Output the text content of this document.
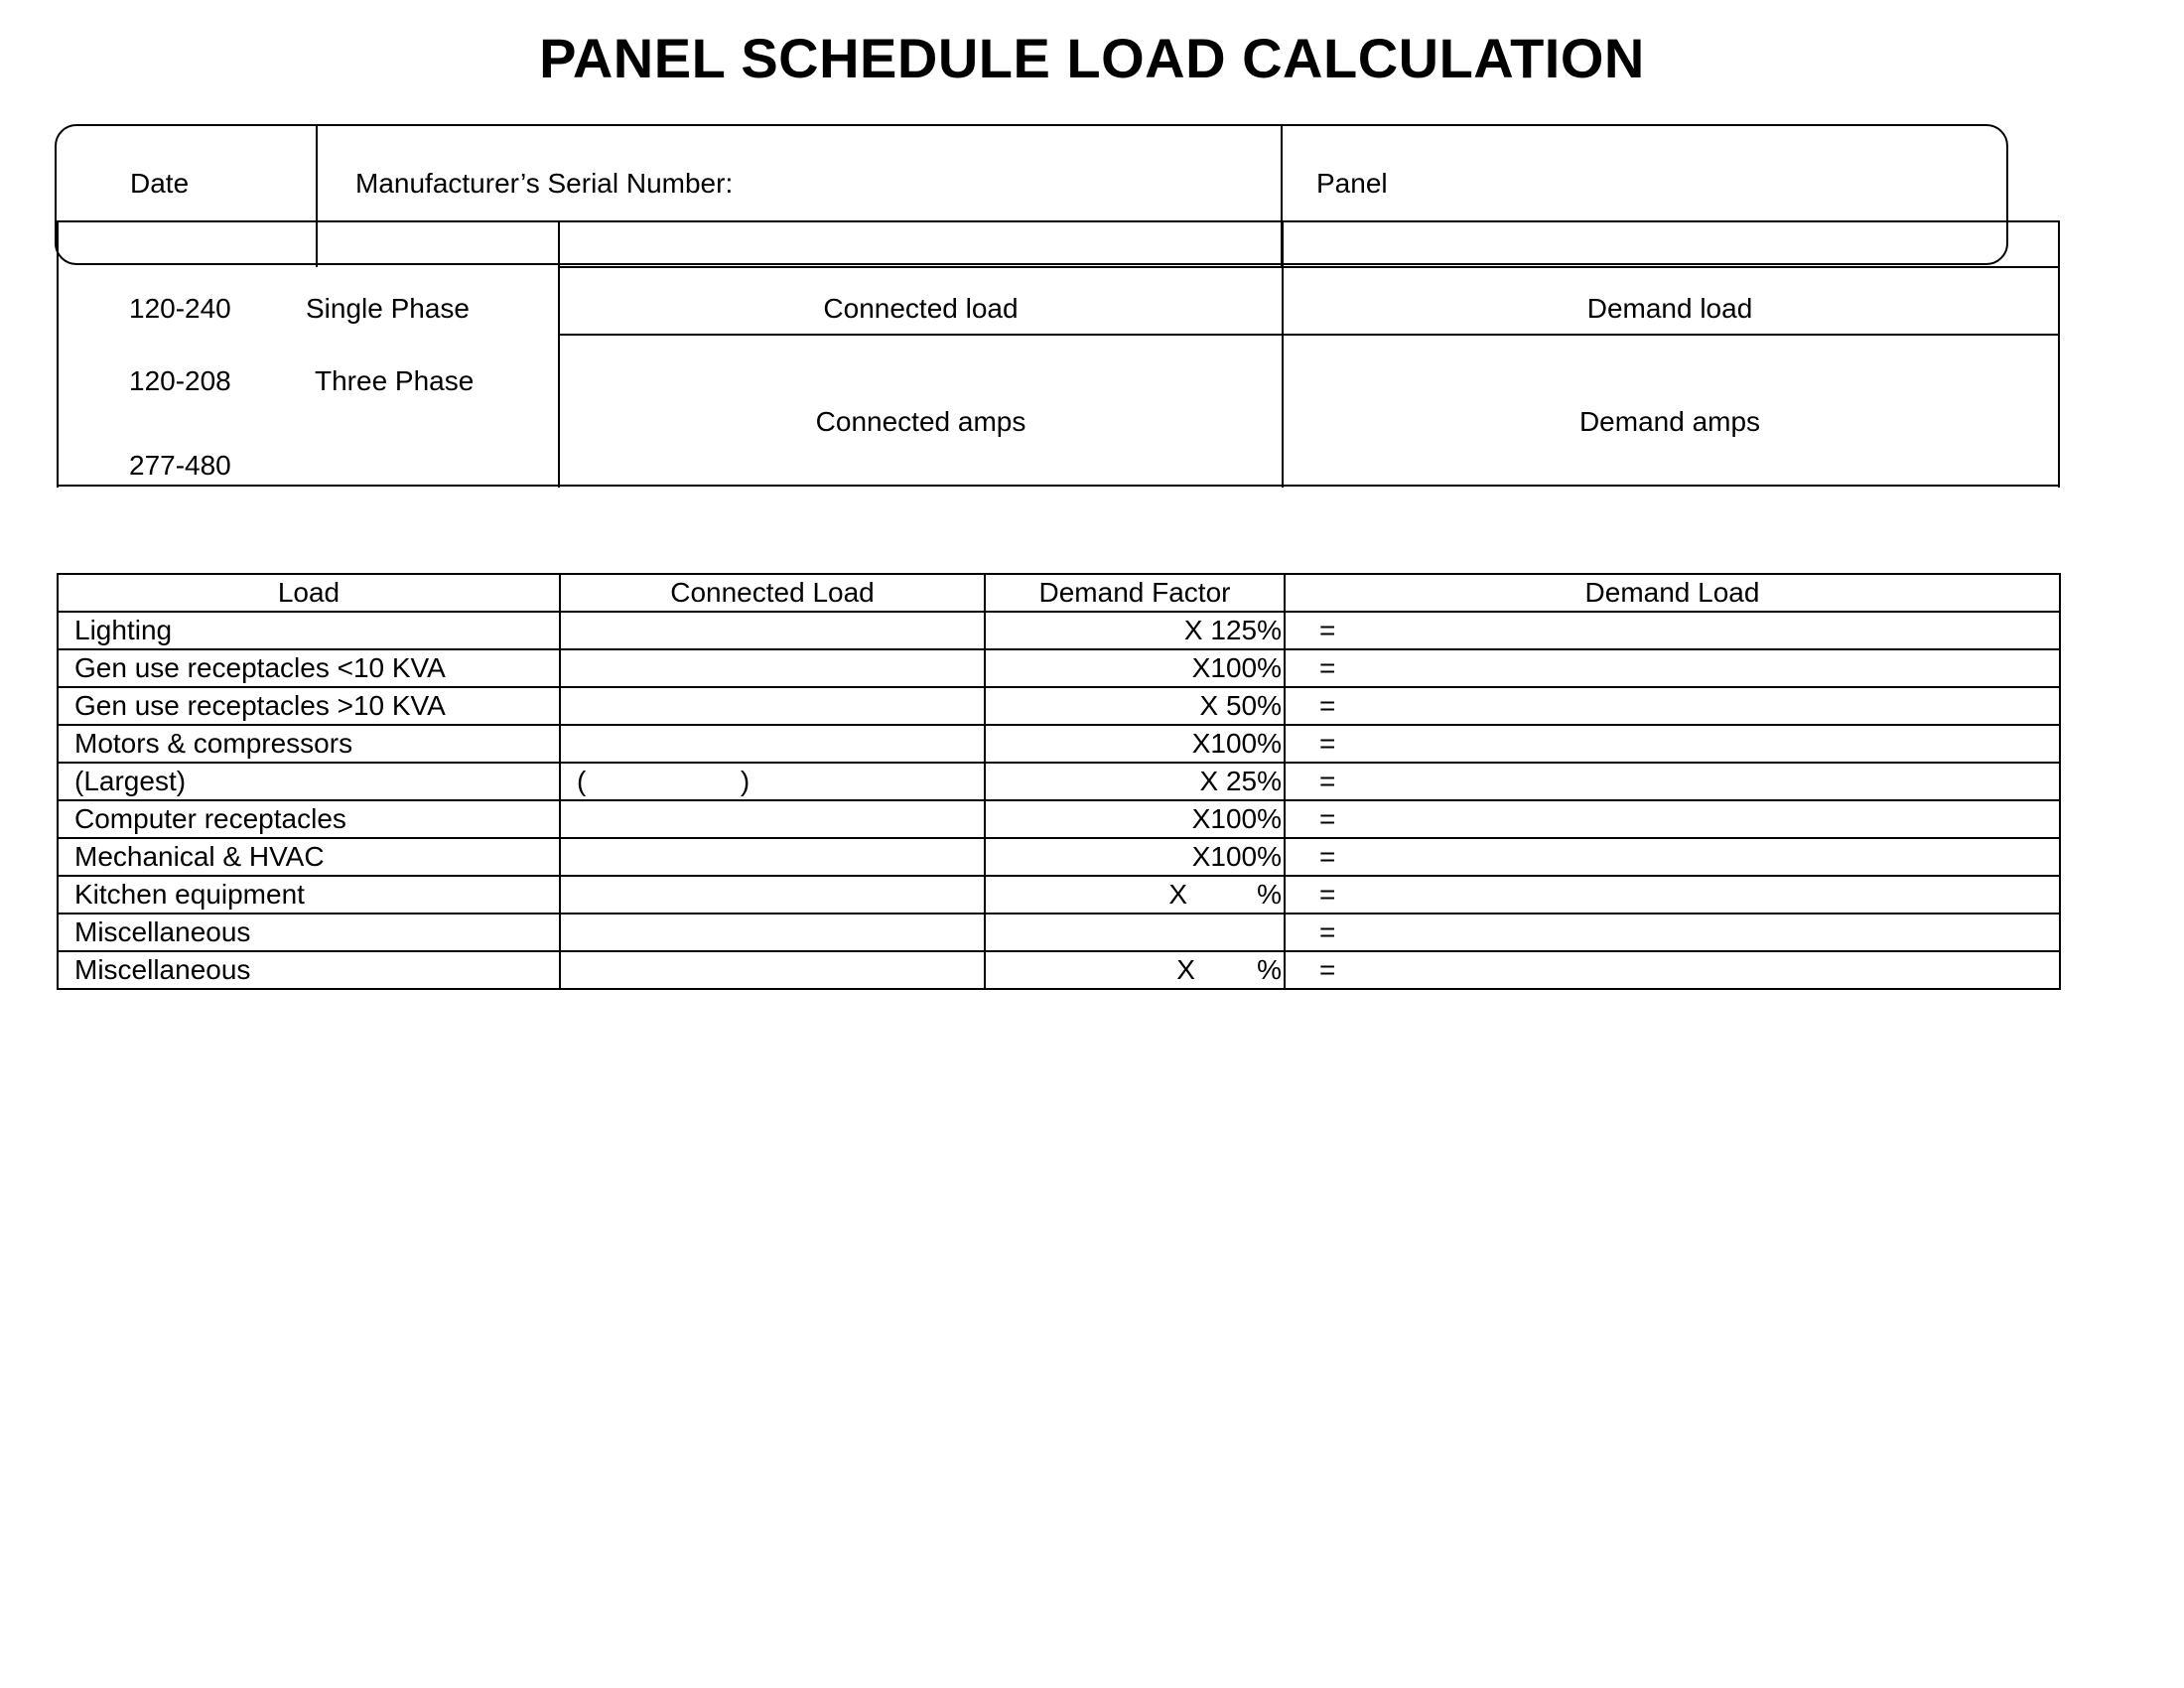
PANEL SCHEDULE LOAD CALCULATION
Date	Manufacturer’s Serial Number:	Panel
120-240	Single Phase
120-208	Three Phase
277-480
Connected load	Demand load
Connected amps	Demand amps
Load	Connected Load	Demand Factor	Demand Load
Lighting		X 125%	=
Gen use receptacles <10 KVA		X100%	=
Gen use receptacles >10 KVA		X 50%	=
Motors & compressors		X100%	=
(Largest)	(                    )	X 25%	=
Computer receptacles		X100%	=
Mechanical & HVAC		X100%	=
Kitchen equipment		X         %	=
Miscellaneous			=
Miscellaneous		X        %	=
